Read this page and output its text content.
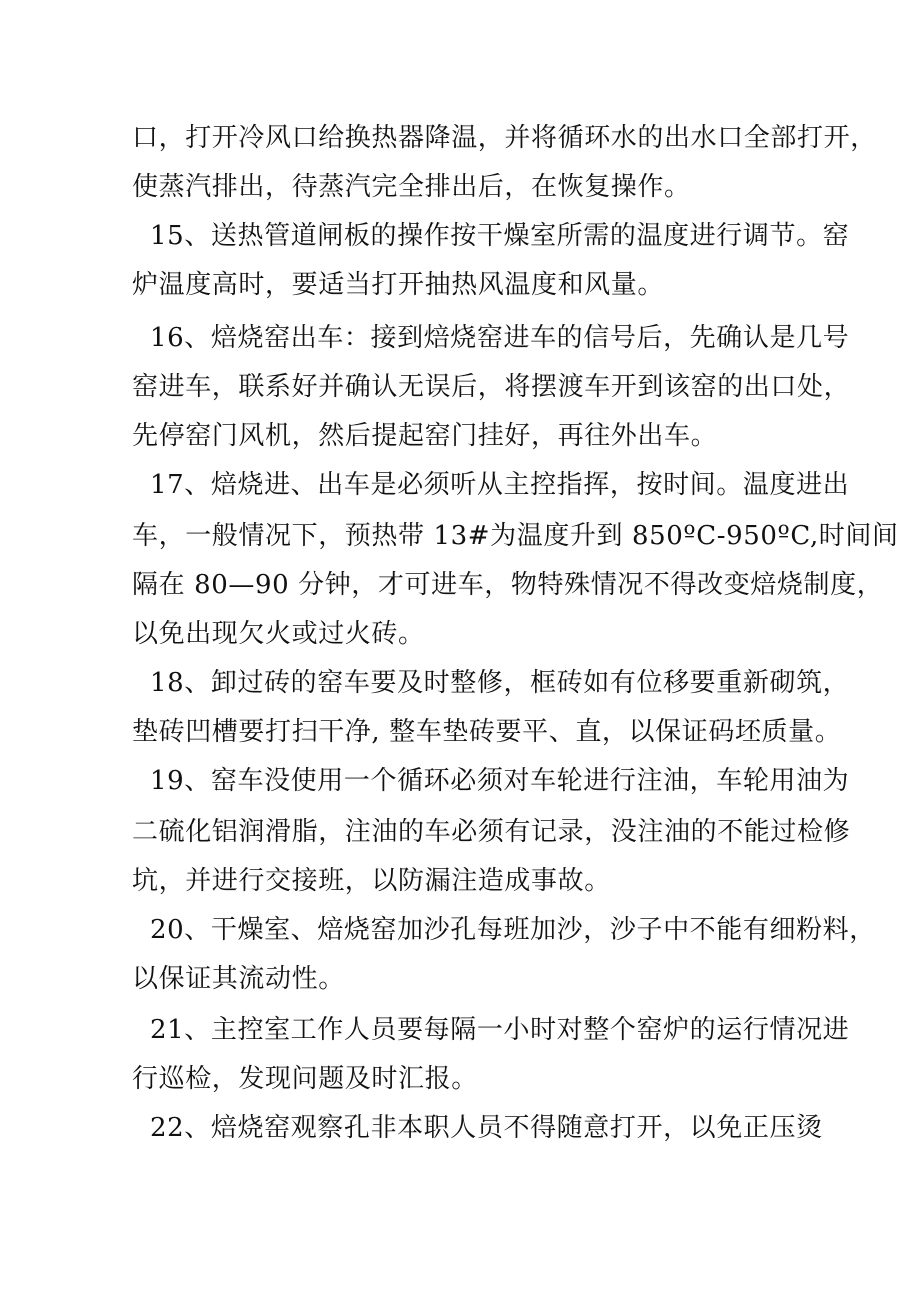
口，打开冷风口给换热器降温，并将循环水的出水口全部打开，
使蒸汽排出，待蒸汽完全排出后，在恢复操作。
15、送热管道闸板的操作按干燥室所需的温度进行调节。窑
炉温度高时，要适当打开抽热风温度和风量。
16、焙烧窑出车：接到焙烧窑进车的信号后，先确认是几号
窑进车，联系好并确认无误后，将摆渡车开到该窑的出口处，
先停窑门风机，然后提起窑门挂好，再往外出车。
17、焙烧进、出车是必须听从主控指挥，按时间。温度进出
车，一般情况下，预热带 13#为温度升到 850ºC-950ºC,时间间
隔在 80—90 分钟，才可进车，物特殊情况不得改变焙烧制度，
以免出现欠火或过火砖。
18、卸过砖的窑车要及时整修，框砖如有位移要重新砌筑，
垫砖凹槽要打扫干净, 整车垫砖要平、直，以保证码坯质量。
19、窑车没使用一个循环必须对车轮进行注油，车轮用油为
二硫化铝润滑脂，注油的车必须有记录，没注油的不能过检修
坑，并进行交接班，以防漏注造成事故。
20、干燥室、焙烧窑加沙孔每班加沙，沙子中不能有细粉料，
以保证其流动性。
21、主控室工作人员要每隔一小时对整个窑炉的运行情况进
行巡检，发现问题及时汇报。
22、焙烧窑观察孔非本职人员不得随意打开，以免正压烫
